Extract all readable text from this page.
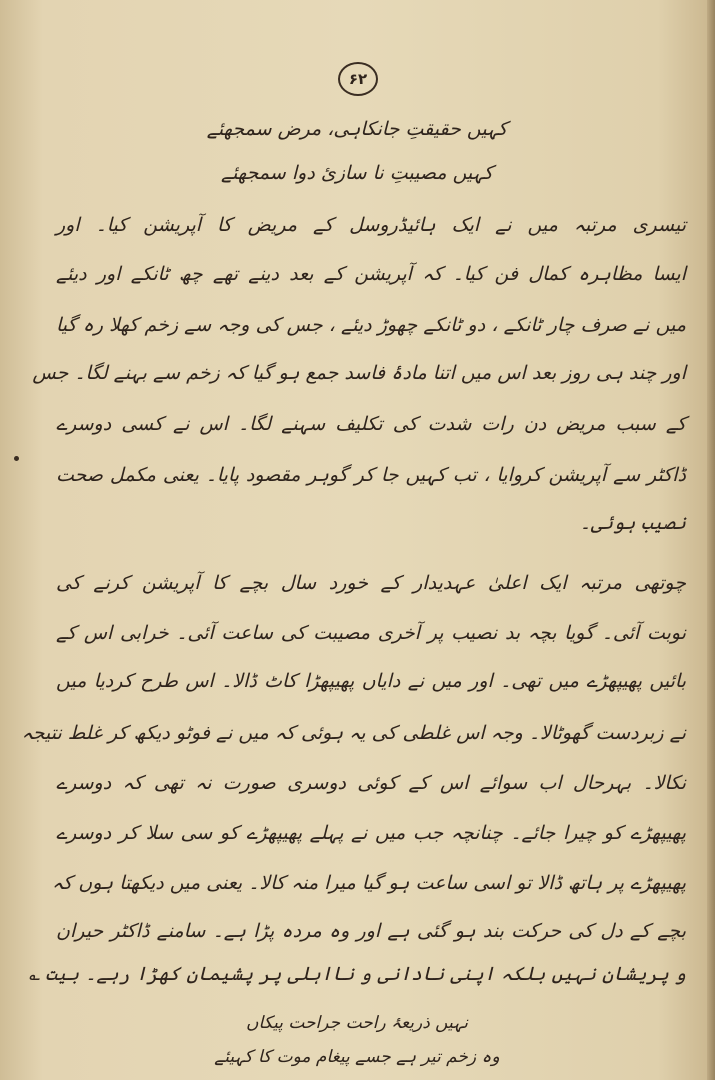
۶۲
کہیں حقیقتِ جانکاہی، مرض سمجھئے
کہیں مصیبتِ نا سازئ دوا سمجھئے
تیسری مرتبہ میں نے ایک ہائیڈروسل کے مریض کا آپریشن کیا۔ اور
ایسا مظاہرہ کمال فن کیا۔ کہ آپریشن کے بعد دینے تھے چھ ٹانکے اور دیئے
میں نے صرف چار ٹانکے ، دو ٹانکے چھوڑ دیئے ، جس کی وجہ سے زخم کھلا رہ گیا
اور چند ہی روز بعد اس میں اتنا مادۂ فاسد جمع ہو گیا کہ زخم سے بہنے لگا۔ جس
کے سبب مریض دن رات شدت کی تکلیف سہنے لگا۔ اس نے کسی دوسرے
ڈاکٹر سے آپریشن کروایا ، تب کہیں جا کر گوہر مقصود پایا۔ یعنی مکمل صحت
نصیب ہوئی۔
چوتھی مرتبہ ایک اعلیٰ عہدیدار کے خورد سال بچے کا آپریشن کرنے کی
نوبت آئی۔ گویا بچہ بد نصیب پر آخری مصیبت کی ساعت آئی۔ خرابی اس کے
بائیں پھیپھڑے میں تھی۔ اور میں نے دایاں پھیپھڑا کاٹ ڈالا۔ اس طرح کردیا میں
نے زبردست گھوٹالا۔ وجہ اس غلطی کی یہ ہوئی کہ میں نے فوٹو دیکھ کر غلط نتیجہ
نکالا۔ بہرحال اب سوائے اس کے کوئی دوسری صورت نہ تھی کہ دوسرے
پھیپھڑے کو چیرا جائے۔ چنانچہ جب میں نے پہلے پھیپھڑے کو سی سلا کر دوسرے
پھیپھڑے پر ہاتھ ڈالا تو اسی ساعت ہو گیا میرا منہ کالا۔ یعنی میں دیکھتا ہوں کہ
بچے کے دل کی حرکت بند ہو گئی ہے اور وہ مردہ پڑا ہے۔ سامنے ڈاکٹر حیران
و پریشان نہیں بلکہ اپنی نادانی و نااہلی پر پشیمان کھڑا رہے۔ بیت ؎
نہیں ذریعۂ راحت جراحت پیکاں
وہ زخم تیر ہے جسے پیغام موت کا کہیئے
